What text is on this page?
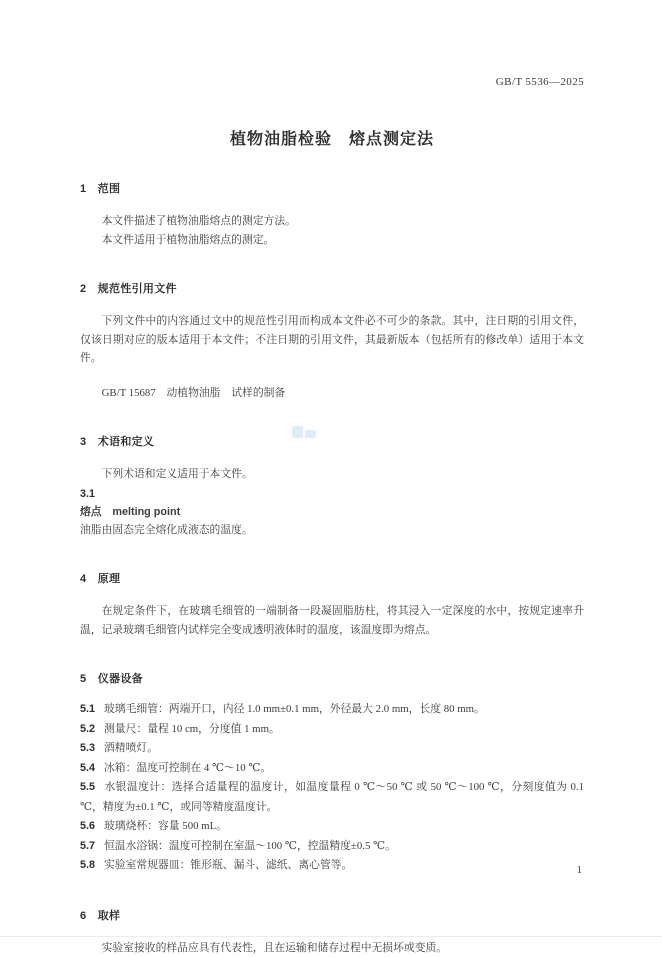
GB/T 5536—2025
植物油脂检验　熔点测定法
1　范围

本文件描述了植物油脂熔点的测定方法。

本文件适用于植物油脂熔点的测定。

2　规范性引用文件

下列文件中的内容通过文中的规范性引用而构成本文件必不可少的条款。其中，注日期的引用文件，仅该日期对应的版本适用于本文件；不注日期的引用文件，其最新版本（包括所有的修改单）适用于本文件。

GB/T 15687　动植物油脂　试样的制备

3　术语和定义

下列术语和定义适用于本文件。

3.1

熔点　melting point

油脂由固态完全熔化成液态的温度。

4　原理

在规定条件下，在玻璃毛细管的一端制备一段凝固脂肪柱，将其浸入一定深度的水中，按规定速率升温，记录玻璃毛细管内试样完全变成透明液体时的温度，该温度即为熔点。

5　仪器设备

5.1 玻璃毛细管：两端开口，内径 1.0 mm±0.1 mm，外径最大 2.0 mm，长度 80 mm。

5.2 测量尺：量程 10 cm，分度值 1 mm。

5.3 酒精喷灯。

5.4 冰箱：温度可控制在 4 ℃～10 ℃。

5.5 水银温度计：选择合适量程的温度计，如温度量程 0 ℃～50 ℃ 或 50 ℃～100 ℃，分刻度值为 0.1 ℃，精度为±0.1 ℃，或同等精度温度计。

5.6 玻璃烧杯：容量 500 mL。

5.7 恒温水浴锅：温度可控制在室温～100 ℃，控温精度±0.5 ℃。

5.8 实验室常规器皿：锥形瓶、漏斗、滤纸、离心管等。

6　取样

实验室接收的样品应具有代表性，且在运输和储存过程中无损坏或变质。

1
